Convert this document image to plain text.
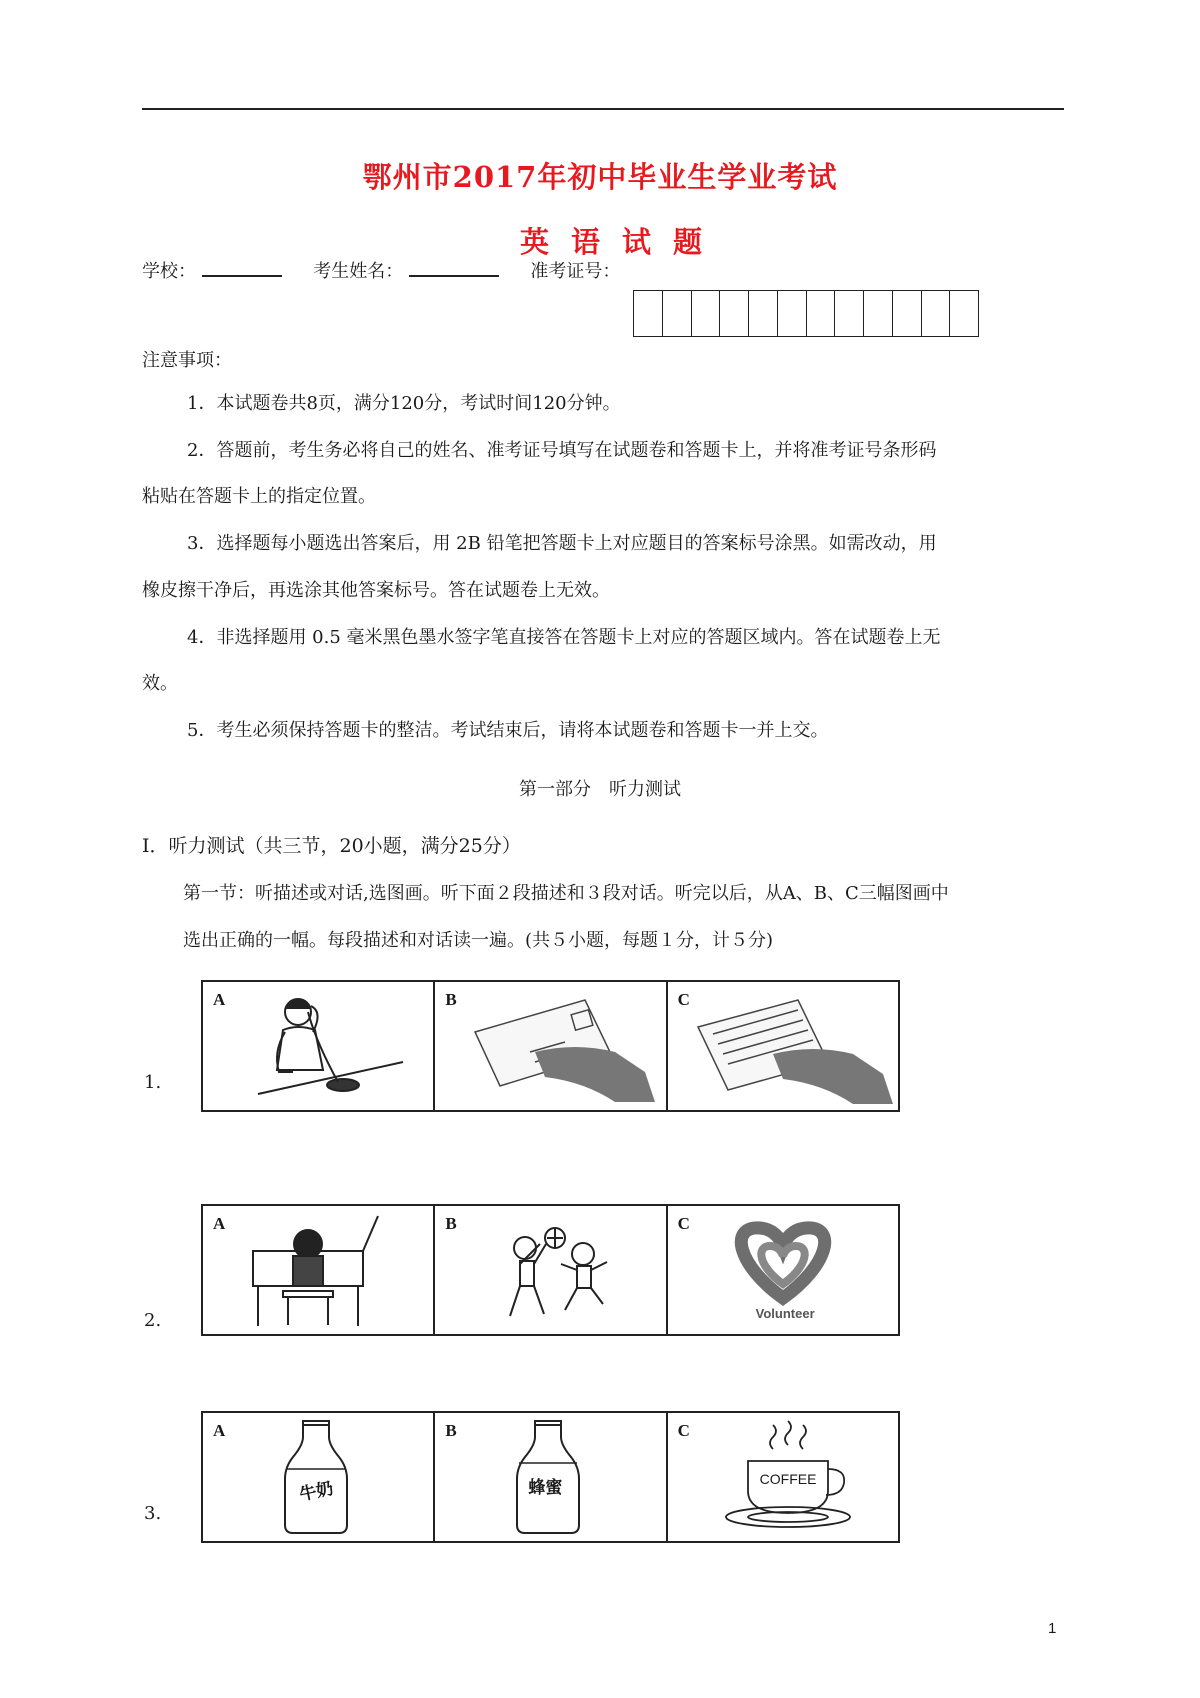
鄂州市2017年初中毕业生学业考试
英语试题
学校：	考生姓名：	准考证号：
注意事项：
1．本试题卷共8页，满分120分，考试时间120分钟。
2．答题前，考生务必将自己的姓名、准考证号填写在试题卷和答题卡上，并将准考证号条形码
粘贴在答题卡上的指定位置。
3．选择题每小题选出答案后，用 2B 铅笔把答题卡上对应题目的答案标号涂黑。如需改动，用
橡皮擦干净后，再选涂其他答案标号。答在试题卷上无效。
4．非选择题用 0.5 毫米黑色墨水签字笔直接答在答题卡上对应的答题区域内。答在试题卷上无
效。
5．考生必须保持答题卡的整洁。考试结束后，请将本试题卷和答题卡一并上交。
第一部分　听力测试
Ⅰ．听力测试（共三节，20小题，满分25分）
第一节：听描述或对话,选图画。听下面２段描述和３段对话。听完以后，从A、B、C三幅图画中
选出正确的一幅。每段描述和对话读一遍。(共５小题，每题１分，计５分)
1.
A	B	C
2.
A	B	C
Volunteer
3.
A
牛奶
B
蜂蜜
C
COFFEE
1
